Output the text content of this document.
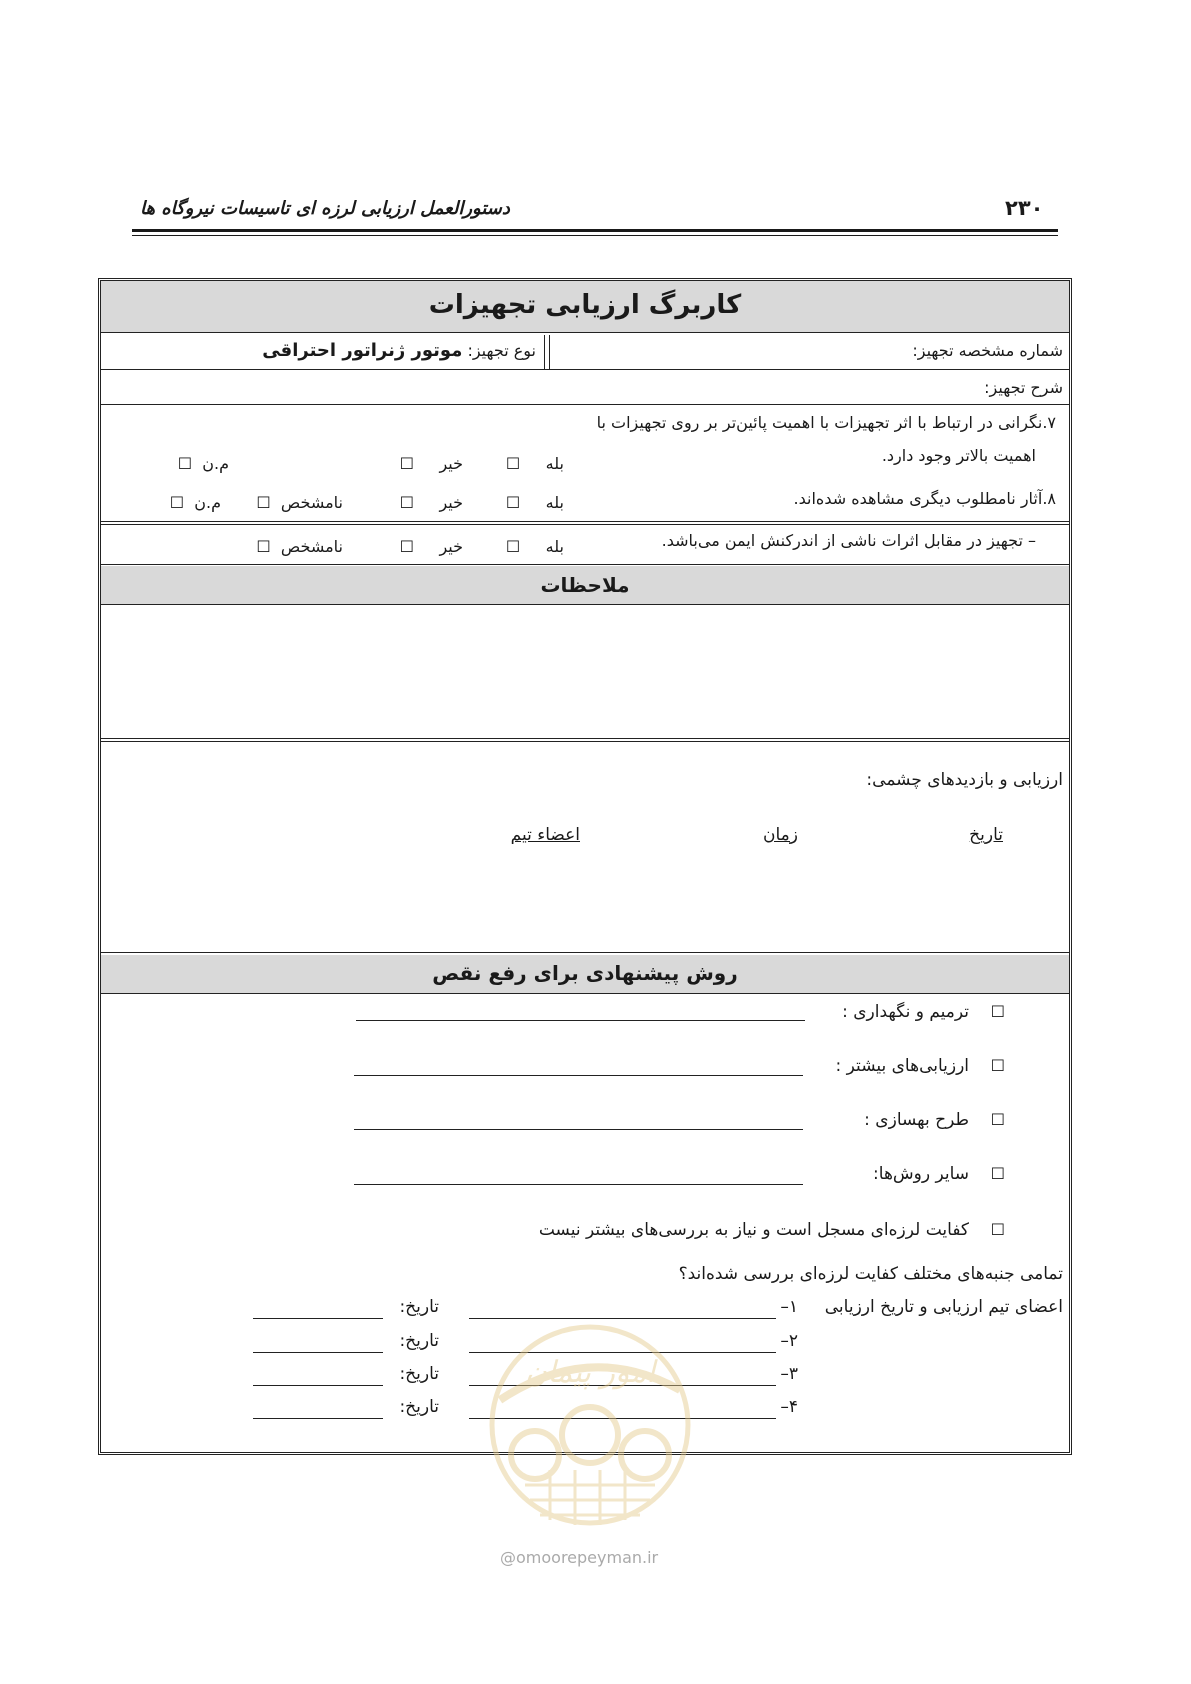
۲۳۰
دستورالعمل ارزیابی لرزه ای تاسیسات نیروگاه ها
کاربرگ ارزیابی تجهیزات
شماره مشخصه تجهیز:
نوع تجهیز: موتور ژنراتور احتراقی
شرح تجهیز:
۷.نگرانی در ارتباط با اثر تجهیزات با اهمیت پائین‌تر بر روی تجهیزات با
اهمیت بالاتر وجود دارد.
بله     ☐
خیر     ☐
م.ن  ☐
۸.آثار نامطلوب دیگری مشاهده شده‌اند.
بله     ☐
خیر     ☐
نامشخص  ☐
م.ن  ☐
– تجهیز در مقابل اثرات ناشی از اندرکنش ایمن می‌باشد.
بله     ☐
خیر     ☐
نامشخص  ☐
ملاحظات
ارزیابی و بازدیدهای چشمی:
تاریخ
زمان
اعضاء تیم
روش پیشنهادی برای رفع نقص
☐    ترمیم و نگهداری :
☐    ارزیابی‌های بیشتر :
☐    طرح بهسازی :
☐    سایر روش‌ها:
☐    کفایت لرزه‌ای مسجل است و نیاز به بررسی‌های بیشتر نیست
تمامی جنبه‌های مختلف کفایت لرزه‌ای بررسی شده‌اند؟
اعضای تیم ارزیابی و تاریخ ارزیابی
۱–
تاریخ:
۲–
تاریخ:
۳–
تاریخ:
۴–
تاریخ:
امور پیمان
@omoorepeyman.ir
